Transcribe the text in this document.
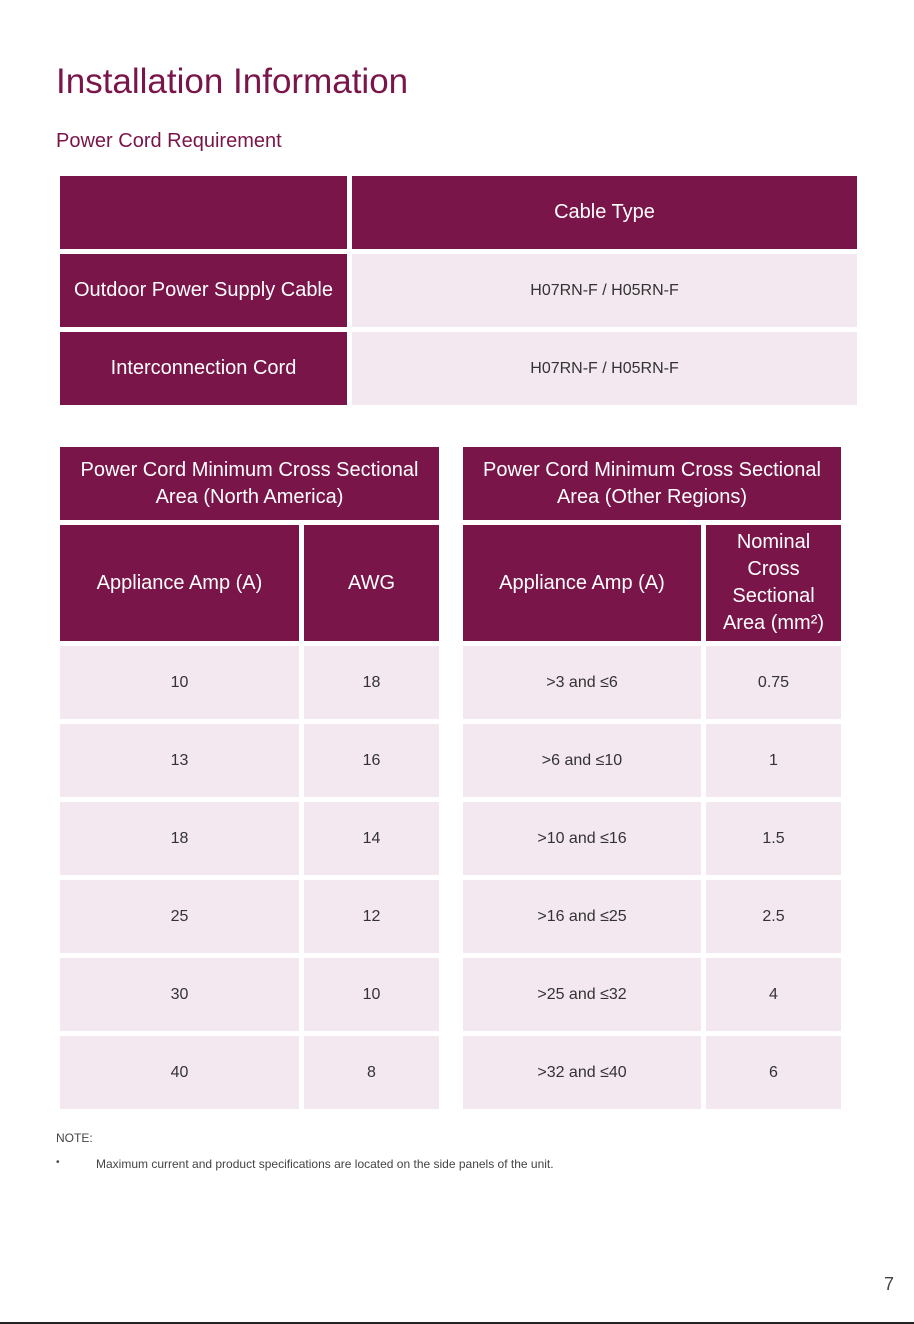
Installation Information
Power Cord Requirement
	Cable Type
Outdoor Power Supply Cable	H07RN-F / H05RN-F
Interconnection Cord	H07RN-F / H05RN-F
Power Cord Minimum Cross Sectional Area (North America)	
Appliance Amp (A)	AWG
10	18
13	16
18	14
25	12
30	10
40	8
Power Cord Minimum Cross Sectional Area (Other Regions)	
Appliance Amp (A)	Nominal Cross Sectional Area (mm²)
>3 and ≤6	0.75
>6 and ≤10	1
>10 and ≤16	1.5
>16 and ≤25	2.5
>25 and ≤32	4
>32 and ≤40	6
NOTE:
•	Maximum current and product specifications are located on the side panels of the unit.
7
